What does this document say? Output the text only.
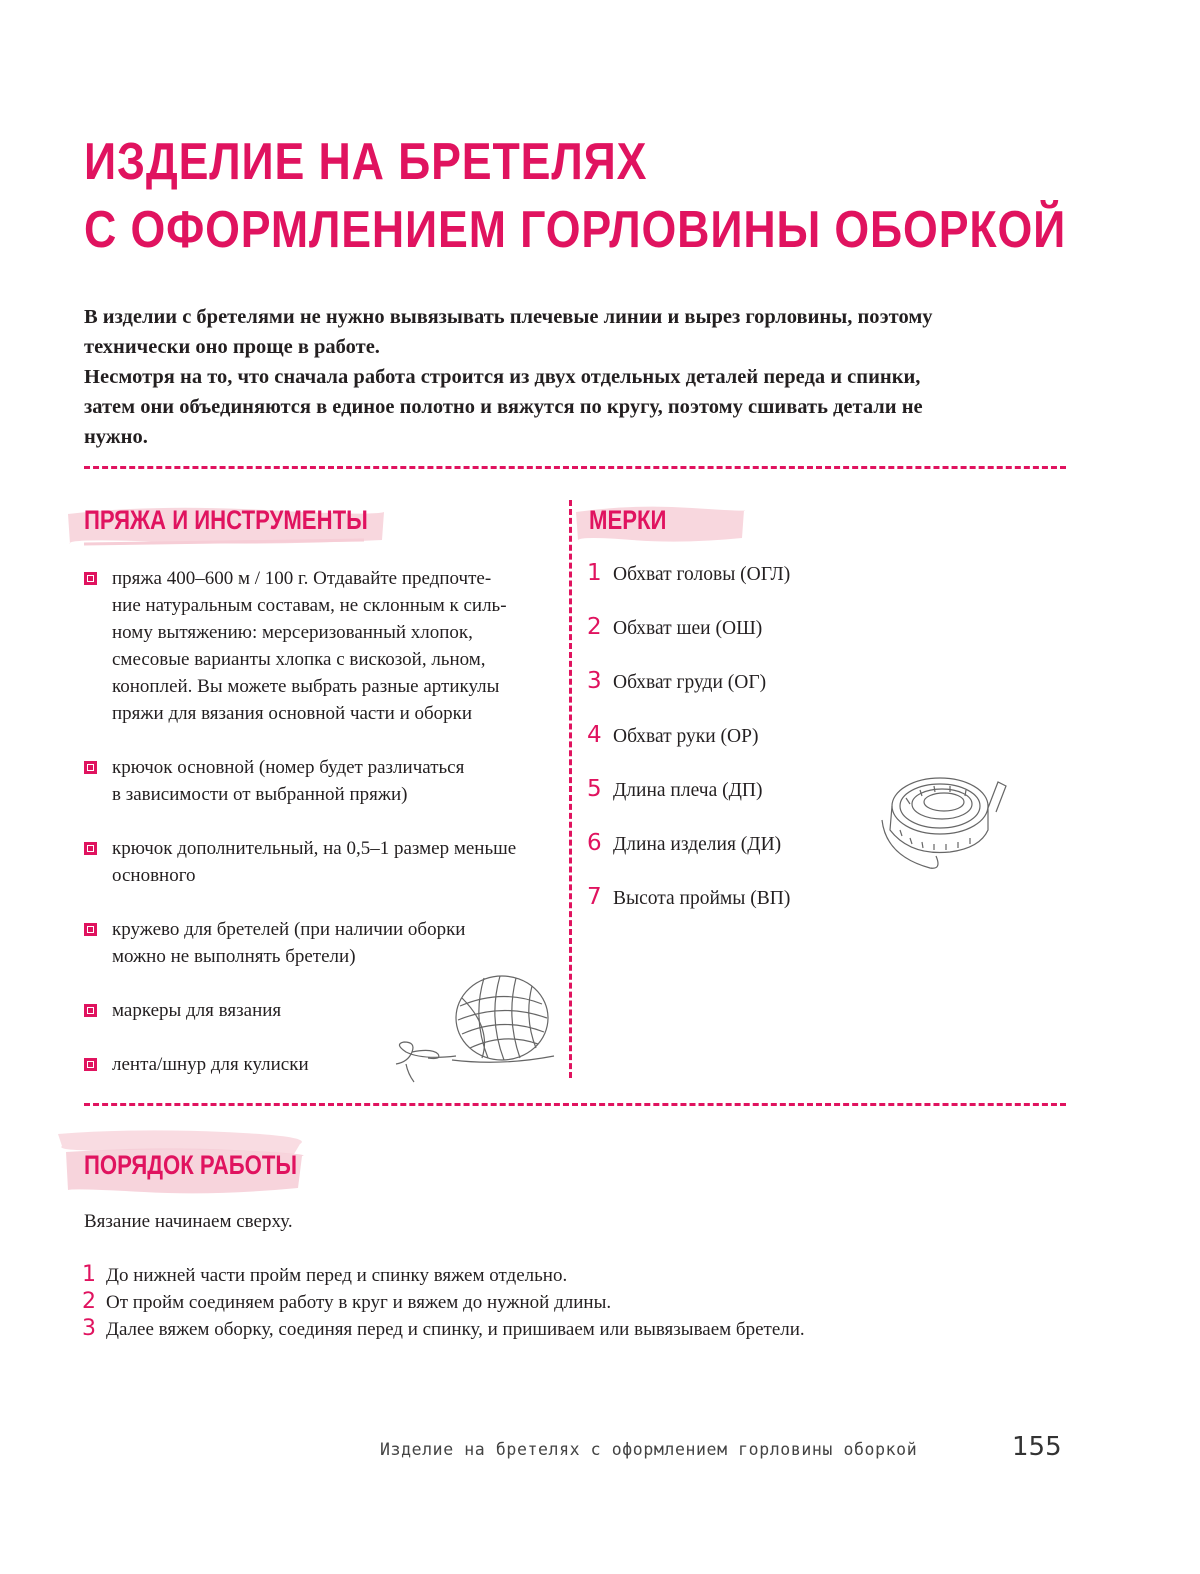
ИЗДЕЛИЕ НА БРЕТЕЛЯХ
С ОФОРМЛЕНИЕМ ГОРЛОВИНЫ ОБОРКОЙ

В изделии с бретелями не нужно вывязывать плечевые линии и вырез горловины, поэтому
технически оно проще в работе.
Несмотря на то, что сначала работа строится из двух отдельных деталей переда и спинки,
затем они объединяются в единое полотно и вяжутся по кругу, поэтому сшивать детали не
нужно.

ПРЯЖА И ИНСТРУМЕНТЫ
пряжа 400–600 м / 100 г. Отдавайте предпочте-
ние натуральным составам, не склонным к силь-
ному вытяжению: мерсеризованный хлопок,
смесовые варианты хлопка с вискозой, льном,
коноплей. Вы можете выбрать разные артикулы
пряжи для вязания основной части и оборки
крючок основной (номер будет различаться
в зависимости от выбранной пряжи)
крючок дополнительный, на 0,5–1 размер меньше
основного
кружево для бретелей (при наличии оборки
можно не выполнять бретели)
маркеры для вязания
лента/шнур для кулиски
МЕРКИ
1 Обхват головы (ОГЛ)
2 Обхват шеи (ОШ)
3 Обхват груди (ОГ)
4 Обхват руки (ОР)
5 Длина плеча (ДП)
6 Длина изделия (ДИ)
7 Высота проймы (ВП)
ПОРЯДОК РАБОТЫ

Вязание начинаем сверху.

1 До нижней части пройм перед и спинку вяжем отдельно.
2 От пройм соединяем работу в круг и вяжем до нужной длины.
3 Далее вяжем оборку, соединяя перед и спинку, и пришиваем или вывязываем бретели.

Изделие на бретелях с оформлением горловины оборкой	155
